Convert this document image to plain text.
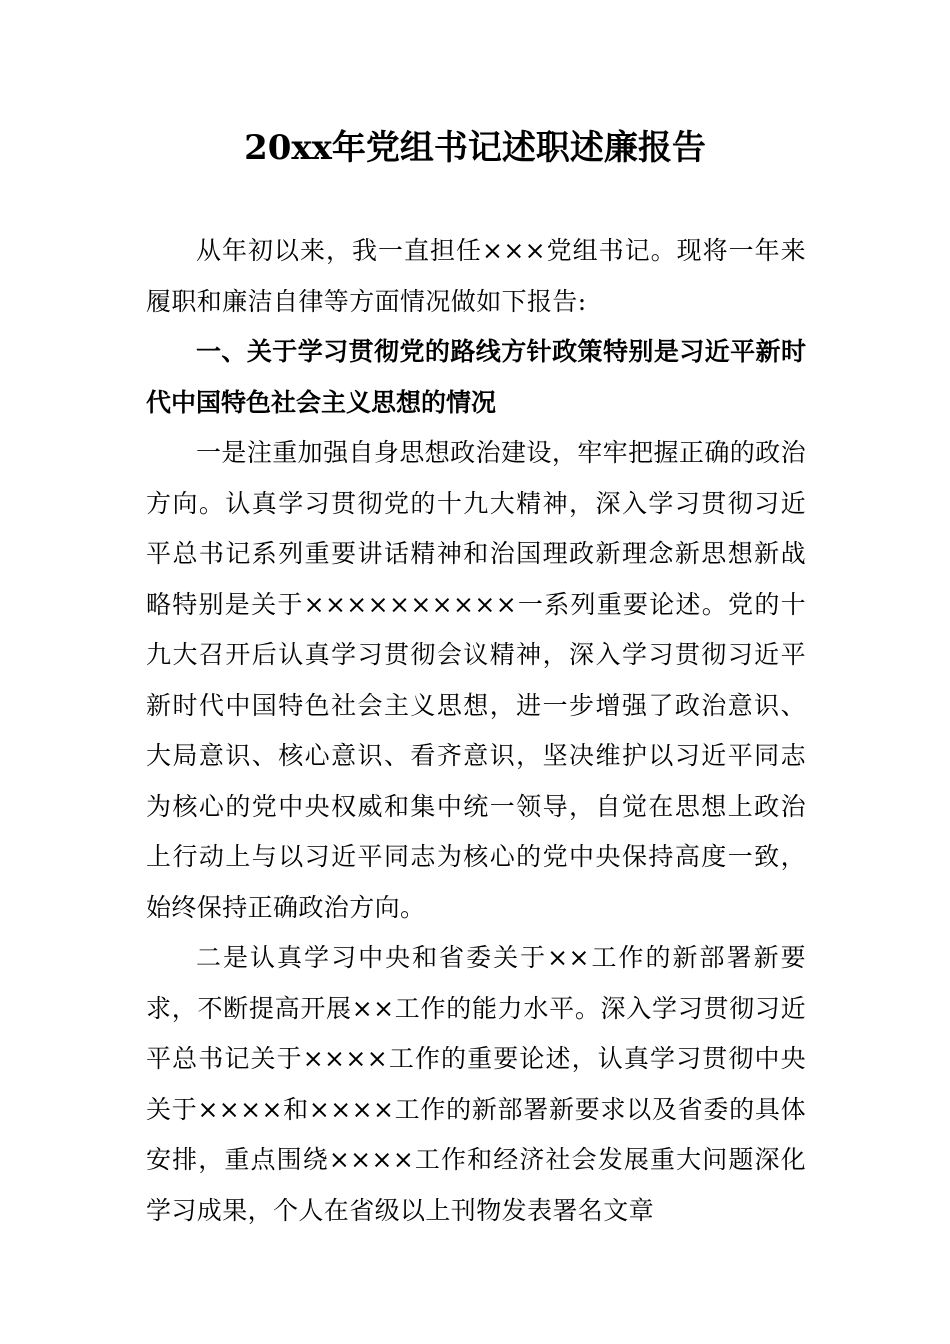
20xx年党组书记述职述廉报告

从年初以来，我一直担任×××党组书记。现将一年来履职和廉洁自律等方面情况做如下报告:

一、关于学习贯彻党的路线方针政策特别是习近平新时代中国特色社会主义思想的情况

一是注重加强自身思想政治建设，牢牢把握正确的政治方向。认真学习贯彻党的十九大精神，深入学习贯彻习近平总书记系列重要讲话精神和治国理政新理念新思想新战略特别是关于××××××××××一系列重要论述。党的十九大召开后认真学习贯彻会议精神，深入学习贯彻习近平新时代中国特色社会主义思想，进一步增强了政治意识、大局意识、核心意识、看齐意识，坚决维护以习近平同志为核心的党中央权威和集中统一领导，自觉在思想上政治上行动上与以习近平同志为核心的党中央保持高度一致，始终保持正确政治方向。

二是认真学习中央和省委关于××工作的新部署新要求，不断提高开展××工作的能力水平。深入学习贯彻习近平总书记关于××××工作的重要论述，认真学习贯彻中央关于××××和××××工作的新部署新要求以及省委的具体安排，重点围绕××××工作和经济社会发展重大问题深化学习成果，个人在省级以上刊物发表署名文章
